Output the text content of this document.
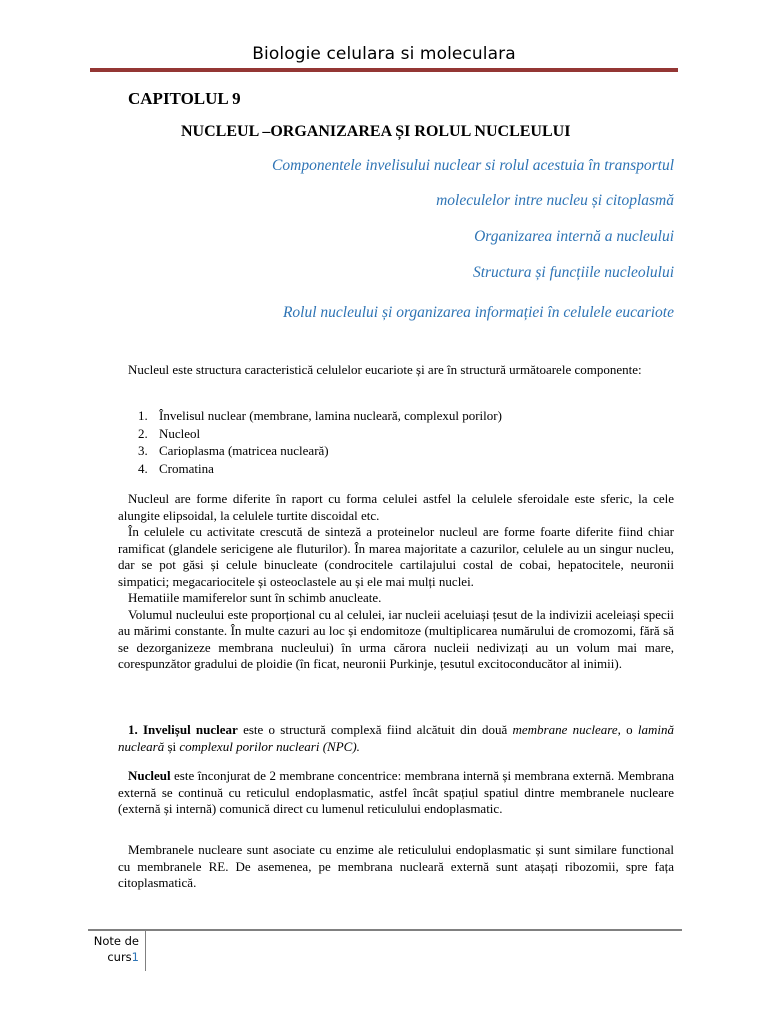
Biologie celulara si moleculara
CAPITOLUL 9
NUCLEUL –ORGANIZAREA ȘI ROLUL NUCLEULUI
Componentele invelisului nuclear si rolul acestuia în transportul
moleculelor intre nucleu și citoplasmă
Organizarea internă a nucleului
Structura și funcțiile nucleolului
Rolul nucleului și organizarea informației în celulele eucariote

Nucleul este structura caracteristică celulelor eucariote și are în structură următoarele componente:

1. Învelisul nuclear (membrane, lamina nucleară, complexul porilor)
2. Nucleol
3. Carioplasma (matricea nucleară)
4. Cromatina

Nucleul are forme diferite în raport cu forma celulei astfel la celulele sferoidale este sferic, la cele alungite elipsoidal, la celulele turtite discoidal etc.

În celulele cu activitate crescută de sinteză a proteinelor nucleul are forme foarte diferite fiind chiar ramificat (glandele sericigene ale fluturilor). În marea majoritate a cazurilor, celulele au un singur nucleu, dar se pot găsi și celule binucleate (condrocitele cartilajului costal de cobai, hepatocitele, neuronii simpatici; megacariocitele și osteoclastele au și ele mai mulți nuclei.

Hematiile mamiferelor sunt în schimb anucleate.

Volumul nucleului este proporțional cu al celulei, iar nucleii aceluiași țesut de la indivizii aceleiași specii au mărimi constante. În multe cazuri au loc și endomitoze (multiplicarea numărului de cromozomi, fără să se dezorganizeze membrana nucleului) în urma cărora nucleii nedivizați au un volum mai mare, corespunzător gradului de ploidie (în ficat, neuronii Purkinje, țesutul excitoconducător al inimii).

1. Invelișul nuclear este o structură complexă fiind alcătuit din două membrane nucleare, o lamină nucleară și complexul porilor nucleari (NPC).

Nucleul este înconjurat de 2 membrane concentrice: membrana internă și membrana externă. Membrana externă se continuă cu reticulul endoplasmatic, astfel încât spațiul spatiul dintre membranele nucleare (externă și internă) comunică direct cu lumenul reticulului endoplasmatic.

Membranele nucleare sunt asociate cu enzime ale reticulului endoplasmatic și sunt similare functional cu membranele RE. De asemenea, pe membrana nucleară externă sunt atașați ribozomii, spre fața citoplasmatică.

Note de
curs1
